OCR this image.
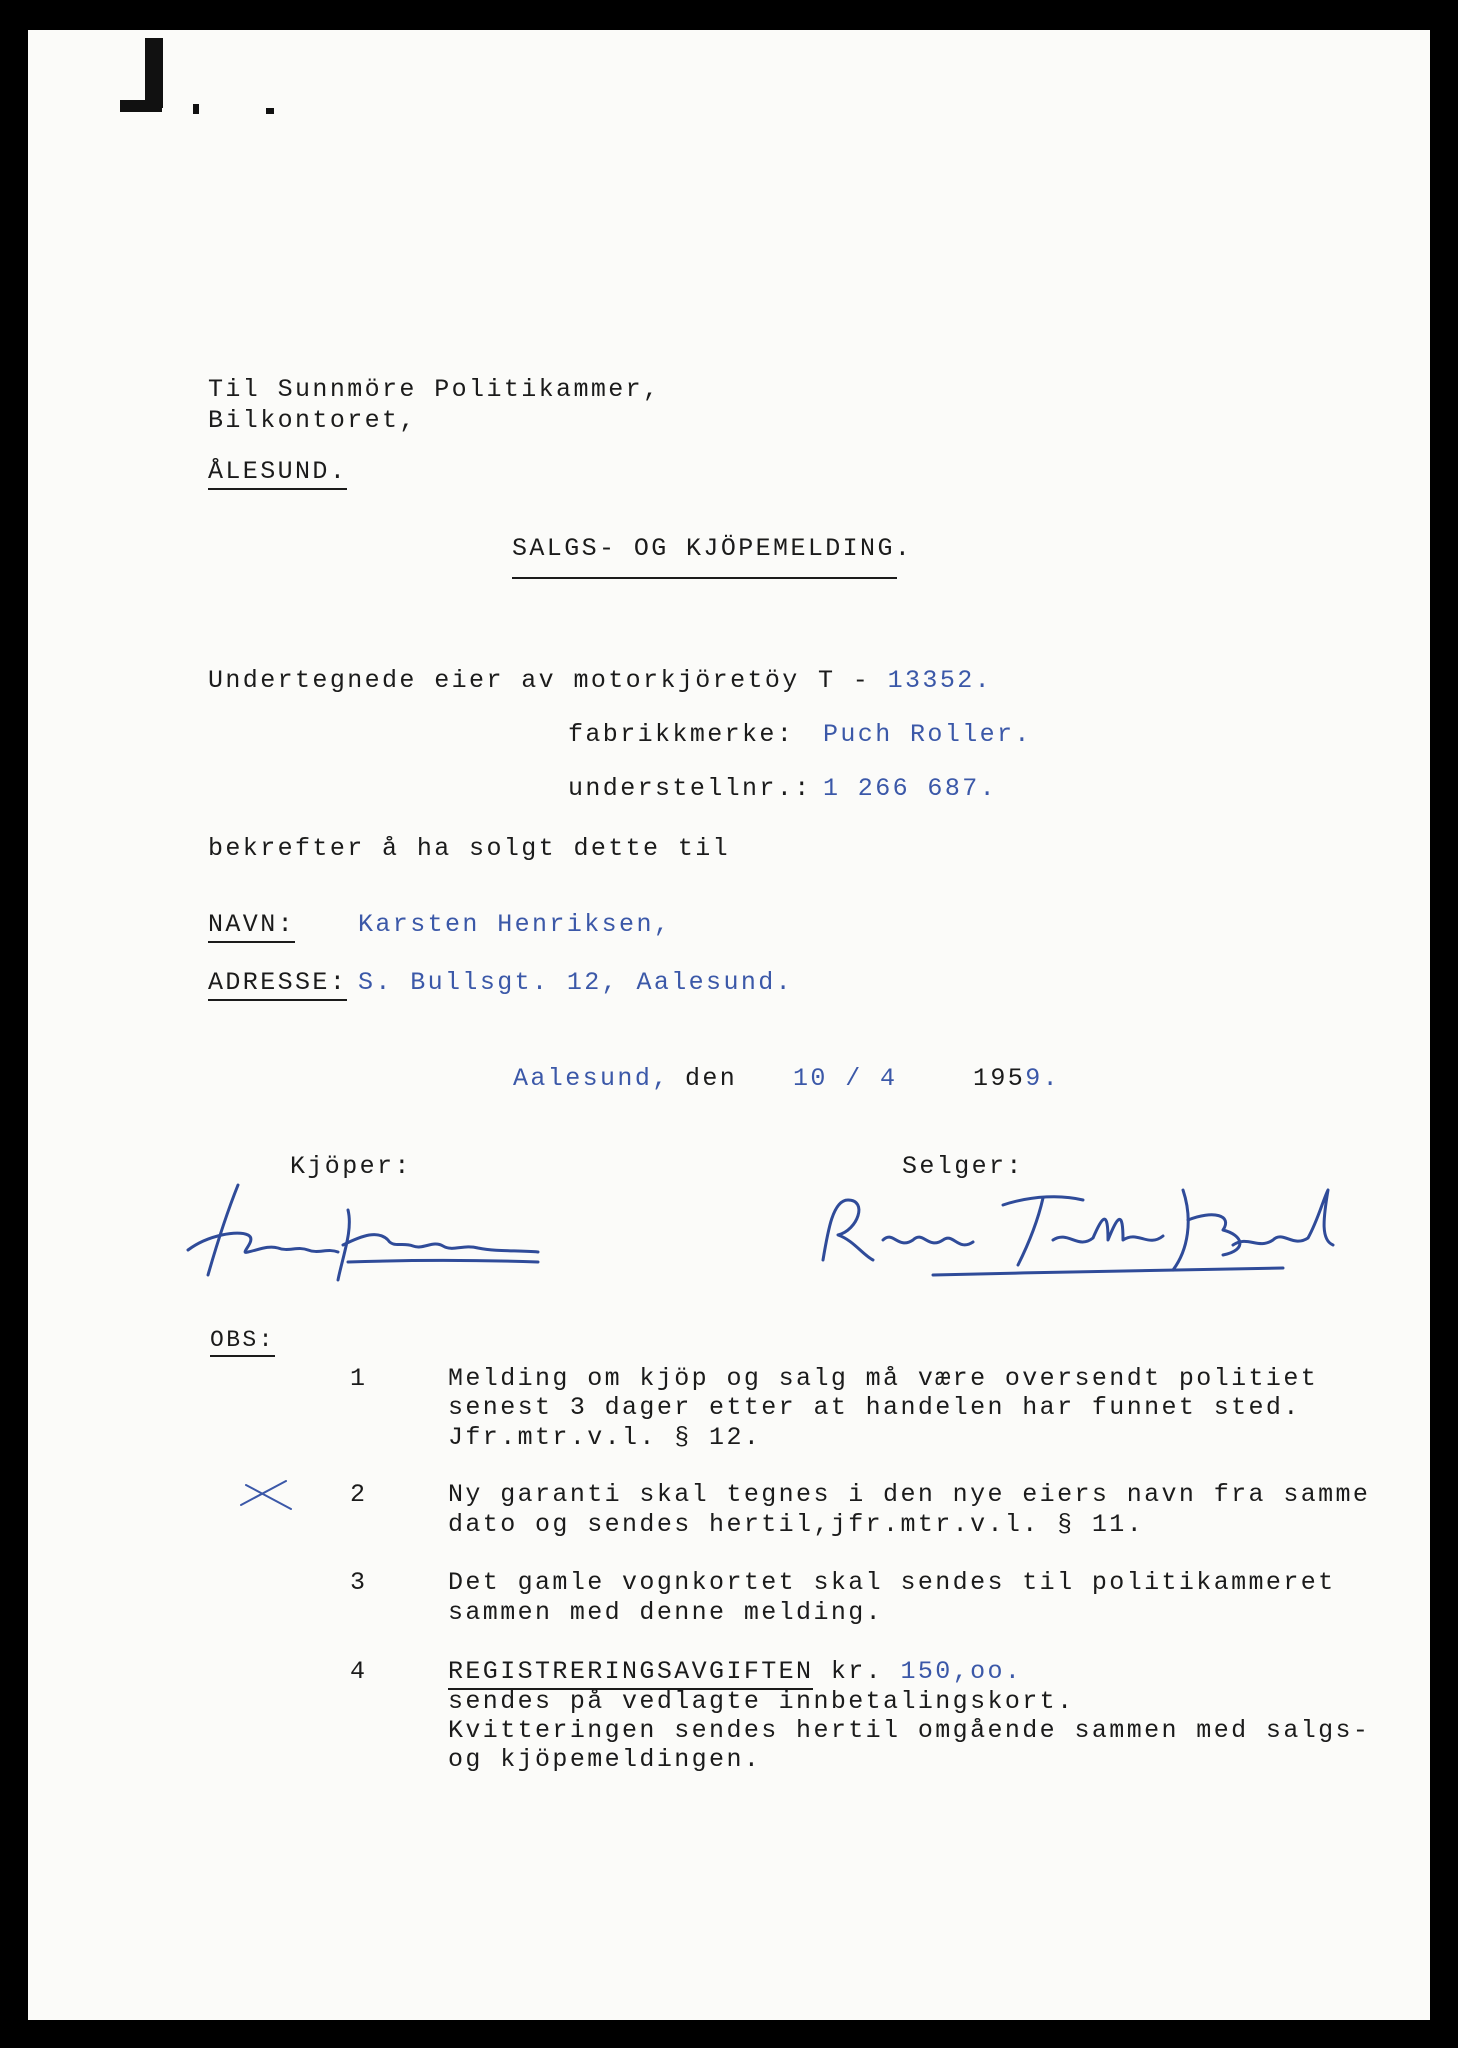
Til Sunnmöre Politikammer,
Bilkontoret,
ÅLESUND.
SALGS- OG KJÖPEMELDING.
Undertegnede eier av motorkjöretöy T - 13352.
fabrikkmerke: Puch Roller.
understellnr.: 1 266 687.
bekrefter å ha solgt dette til
NAVN:	Karsten Henriksen,
ADRESSE: S. Bullsgt. 12, Aalesund.
Aalesund, den 10 / 4	1959.
Kjöper:	Selger:
OBS:
1	Melding om kjöp og salg må være oversendt politiet
senest 3 dager etter at handelen har funnet sted.
Jfr.mtr.v.l. § 12.
2	Ny garanti skal tegnes i den nye eiers navn fra samme
dato og sendes hertil,jfr.mtr.v.l. § 11.
3	Det gamle vognkortet skal sendes til politikammeret
sammen med denne melding.
4	REGISTRERINGSAVGIFTEN kr. 150,oo.
sendes på vedlagte innbetalingskort.
Kvitteringen sendes hertil omgående sammen med salgs-
og kjöpemeldingen.
